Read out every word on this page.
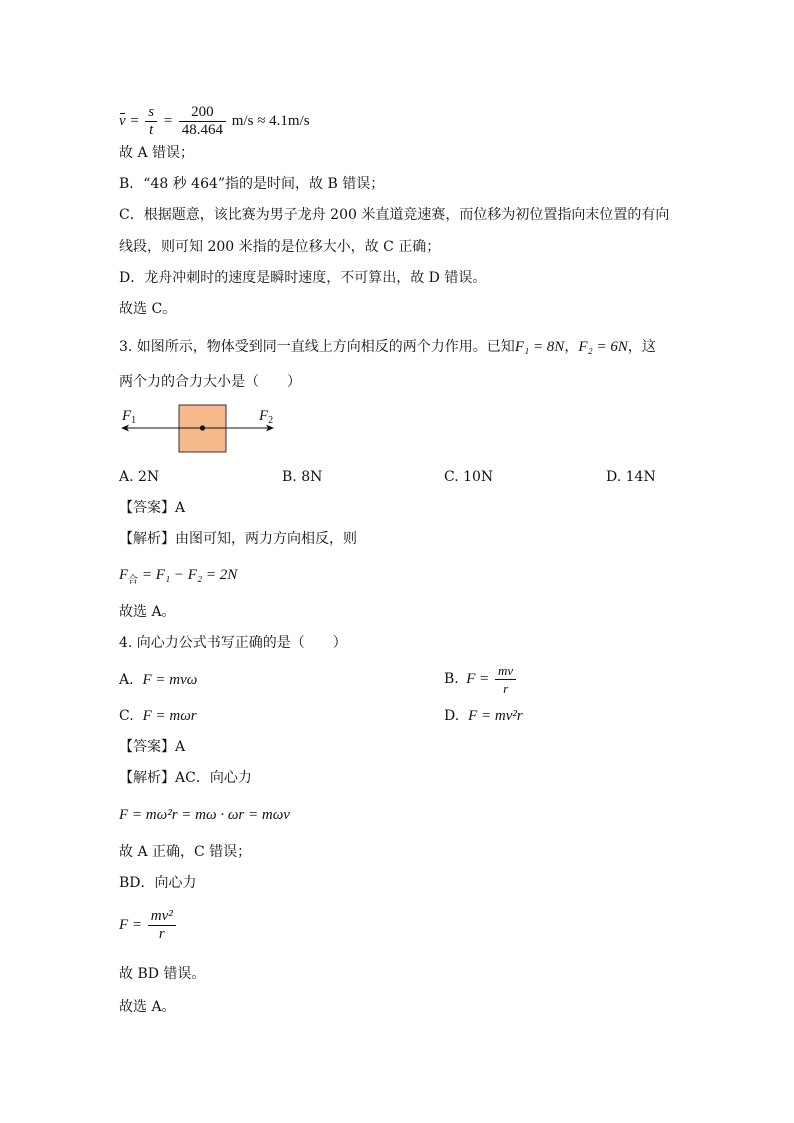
$v = \frac{s}{t} = \frac{200}{48.464} m/s \approx 4.1m/s$
故 A 错误；
B．“48 秒 464”指的是时间，故 B 错误；
C．根据题意，该比赛为男子龙舟 200 米直道竞速赛，而位移为初位置指向末位置的有向
线段，则可知 200 米指的是位移大小，故 C 正确；
D．龙舟冲刺时的速度是瞬时速度，不可算出，故 D 错误。
故选 C。
3. 如图所示，物体受到同一直线上方向相反的两个力作用。已知F₁ = 8N，F₂ = 6N，这
两个力的合力大小是（　　）
$F_1$	$F_2$
A. 2N	B. 8N	C. 10N	D. 14N
【答案】A
【解析】由图可知，两力方向相反，则
$F_合 = F_1 - F_2 = 2N$
故选 A。
4. 向心力公式书写正确的是（　　）
A. F = mvω	B. $F = \frac{mv}{r}$
C. F = mωr	D. F = mv²r
【答案】A
【解析】AC．向心力
F = mω²r = mω · ωr = mωv
故 A 正确，C 错误；
BD．向心力
$F = \frac{\text{mv²}}{r}$
故 BD 错误。
故选 A。
